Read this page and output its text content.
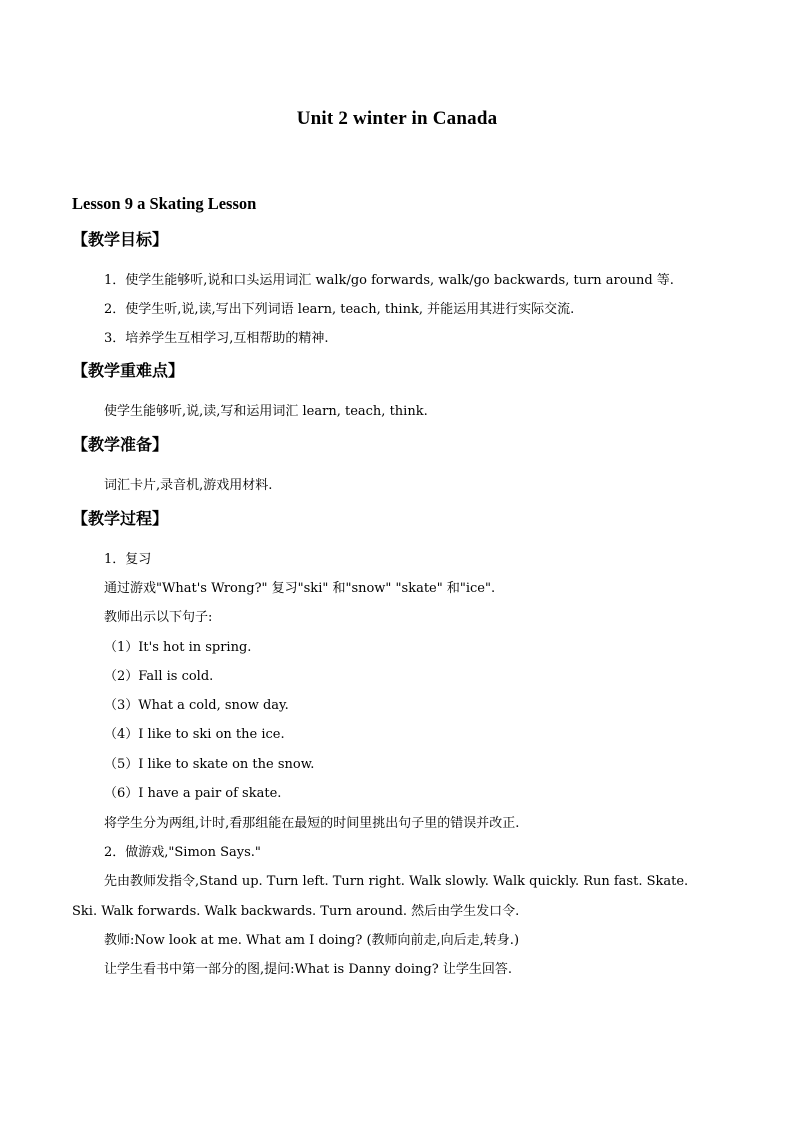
Unit 2 winter in Canada
Lesson 9 a Skating Lesson
【教学目标】
1．使学生能够听,说和口头运用词汇 walk/go forwards, walk/go backwards, turn around 等.
2．使学生听,说,读,写出下列词语 learn, teach, think, 并能运用其进行实际交流.
3．培养学生互相学习,互相帮助的精神.
【教学重难点】
使学生能够听,说,读,写和运用词汇 learn, teach, think.
【教学准备】
词汇卡片,录音机,游戏用材料.
【教学过程】
1．复习
通过游戏"What's Wrong?" 复习"ski" 和"snow" "skate" 和"ice".
教师出示以下句子:
（1）It's hot in spring.
（2）Fall is cold.
（3）What a cold, snow day.
（4）I like to ski on the ice.
（5）I like to skate on the snow.
（6）I have a pair of skate.
将学生分为两组,计时,看那组能在最短的时间里挑出句子里的错误并改正.
2．做游戏,"Simon Says."
先由教师发指令,Stand up. Turn left. Turn right. Walk slowly. Walk quickly. Run fast. Skate.
Ski. Walk forwards. Walk backwards. Turn around. 然后由学生发口令.
教师:Now look at me. What am I doing? (教师向前走,向后走,转身.)
让学生看书中第一部分的图,提问:What is Danny doing? 让学生回答.
